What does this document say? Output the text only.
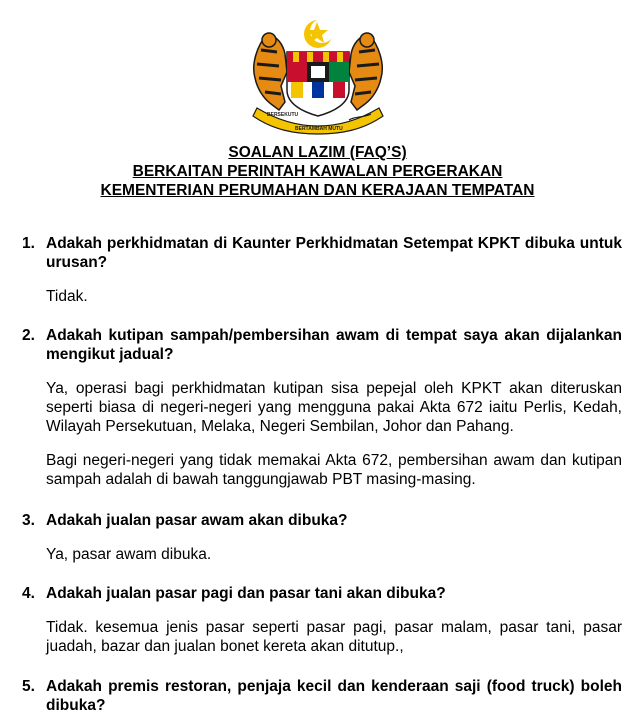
BERSEKUTU
BERTAMBAH MUTU
SOALAN LAZIM (FAQ’S)
BERKAITAN PERINTAH KAWALAN PERGERAKAN
KEMENTERIAN PERUMAHAN DAN KERAJAAN TEMPATAN
1. Adakah perkhidmatan di Kaunter Perkhidmatan Setempat KPKT dibuka untuk urusan?
Tidak.
2. Adakah kutipan sampah/pembersihan awam di tempat saya akan dijalankan mengikut jadual?
Ya, operasi bagi perkhidmatan kutipan sisa pepejal oleh KPKT akan diteruskan seperti biasa di negeri-negeri yang mengguna pakai Akta 672 iaitu Perlis, Kedah, Wilayah Persekutuan, Melaka, Negeri Sembilan, Johor dan Pahang.
Bagi negeri-negeri yang tidak memakai Akta 672, pembersihan awam dan kutipan sampah adalah di bawah tanggungjawab PBT masing-masing.
3. Adakah jualan pasar awam akan dibuka?
Ya, pasar awam dibuka.
4. Adakah jualan pasar pagi dan pasar tani akan dibuka?
Tidak. kesemua jenis pasar seperti pasar pagi, pasar malam, pasar tani, pasar juadah, bazar dan jualan bonet kereta akan ditutup.,
5. Adakah premis restoran, penjaja kecil dan kenderaan saji (food truck) boleh dibuka?
